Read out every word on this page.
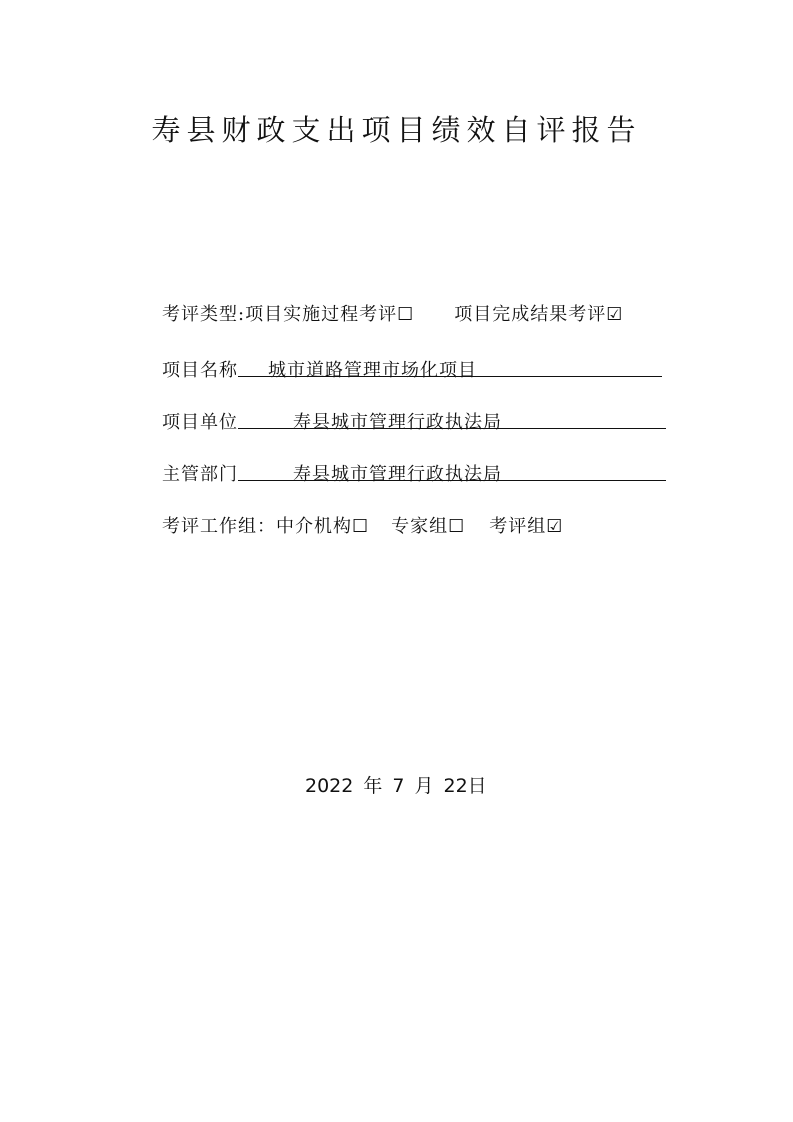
寿县财政支出项目绩效自评报告
考评类型:项目实施过程考评☐ 项目完成结果考评☑
项目名称 城市道路管理市场化项目
项目单位	寿县城市管理行政执法局
主管部门	寿县城市管理行政执法局
考评工作组：中介机构☐ 专家组☐ 考评组☑
2022 年 7 月 22日
